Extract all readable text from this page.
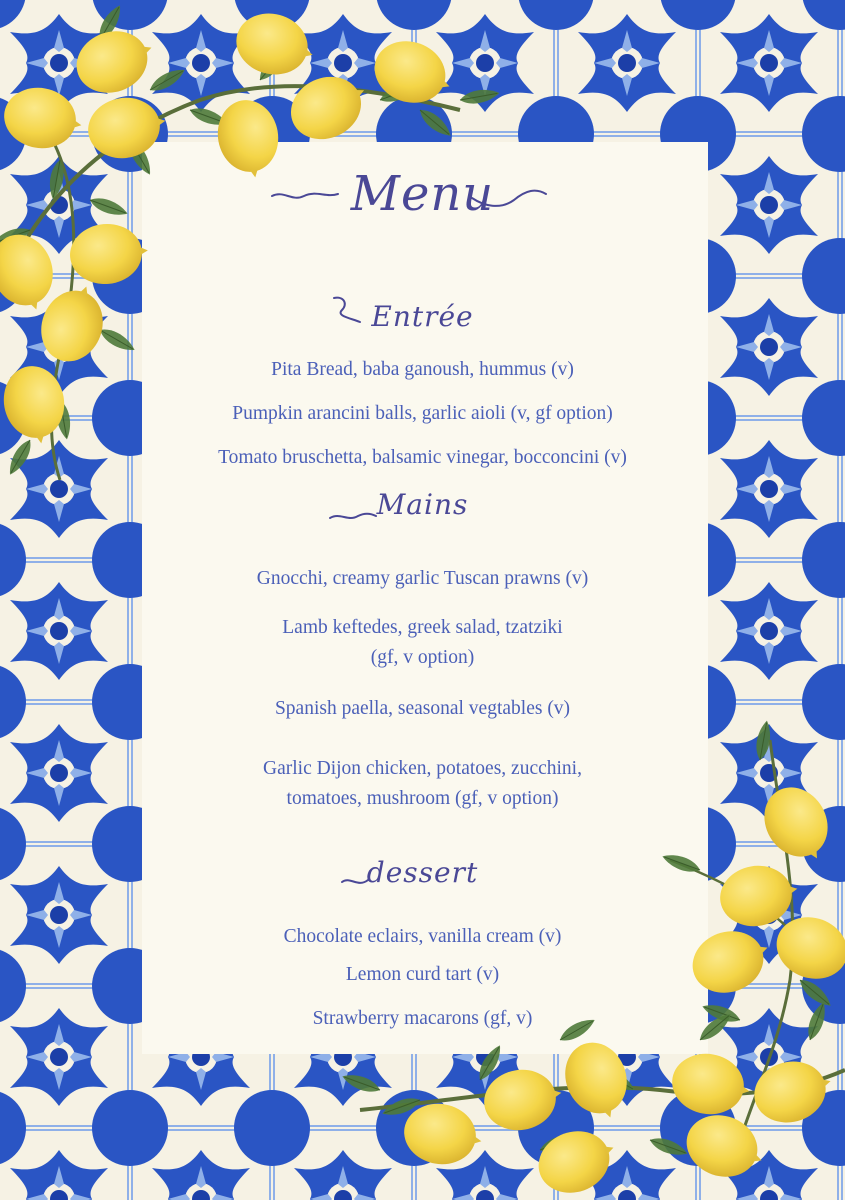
Menu
Entrée

Pita Bread, baba ganoush, hummus (v)

Pumpkin arancini balls, garlic aioli (v, gf option)

Tomato bruschetta, balsamic vinegar, bocconcini (v)

Mains

Gnocchi, creamy garlic Tuscan prawns (v)

Lamb keftedes, greek salad, tzatziki
(gf, v option)

Spanish paella, seasonal vegtables (v)

Garlic Dijon chicken, potatoes, zucchini,
tomatoes, mushroom (gf, v option)

dessert

Chocolate eclairs, vanilla cream (v)

Lemon curd tart (v)

Strawberry macarons (gf, v)
